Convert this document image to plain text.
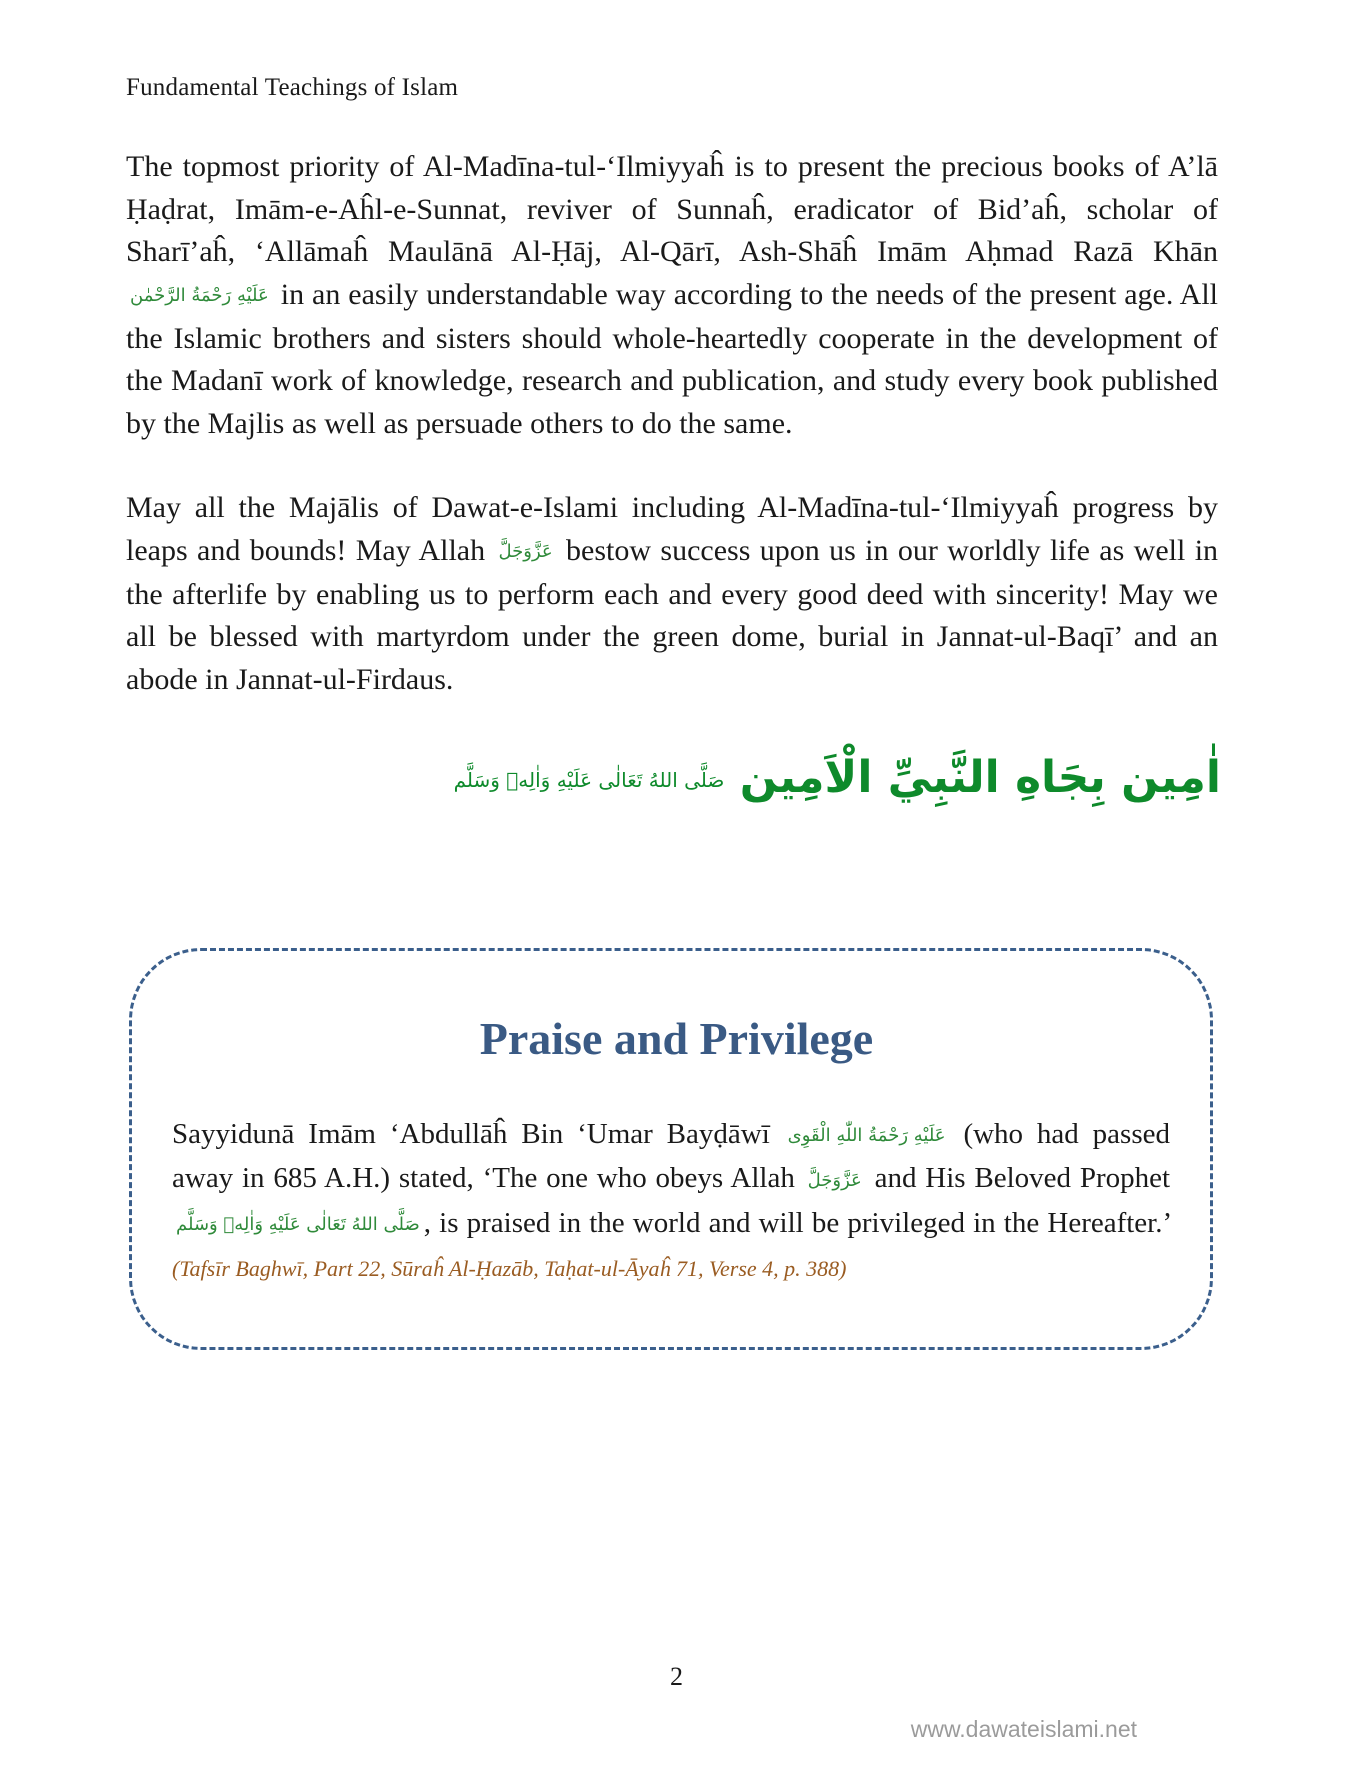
Fundamental Teachings of Islam

The topmost priority of Al-Madīna-tul-‘Ilmiyyaĥ is to present the precious books of A’lā Ḥaḍrat, Imām-e-Aĥl-e-Sunnat, reviver of Sunnaĥ, eradicator of Bid’aĥ, scholar of Sharī’aĥ, ‘Allāmaĥ Maulānā Al-Ḥāj, Al-Qārī, Ash-Shāĥ Imām Aḥmad Razā Khān عَلَيْهِ رَحْمَةُ الرَّحْمٰن in an easily understandable way according to the needs of the present age. All the Islamic brothers and sisters should whole-heartedly cooperate in the development of the Madanī work of knowledge, research and publication, and study every book published by the Majlis as well as persuade others to do the same.

May all the Majālis of Dawat-e-Islami including Al-Madīna-tul-‘Ilmiyyaĥ progress by leaps and bounds! May Allah عَزَّوَجَلَّ bestow success upon us in our worldly life as well in the afterlife by enabling us to perform each and every good deed with sincerity! May we all be blessed with martyrdom under the green dome, burial in Jannat-ul-Baqī’ and an abode in Jannat-ul-Firdaus.

اٰمِين بِجَاهِ النَّبِيِّ الْاَمِين صَلَّى اللهُ تَعَالٰى عَلَيْهِ وَاٰلِهٖ وَسَلَّم
Praise and Privilege

Sayyidunā Imām ‘Abdullāĥ Bin ‘Umar Bayḍāwī عَلَيْهِ رَحْمَةُ اللّٰهِ الْقَوِى (who had passed away in 685 A.H.) stated, ‘The one who obeys Allah عَزَّوَجَلَّ and His Beloved Prophet صَلَّى اللهُ تَعَالٰى عَلَيْهِ وَاٰلِهٖ وَسَلَّم , is praised in the world and will be privileged in the Hereafter.’ (Tafsīr Baghwī, Part 22, Sūraĥ Al-Ḥazāb, Taḥat-ul-Āyaĥ 71, Verse 4, p. 388)

2
www.dawateislami.net
